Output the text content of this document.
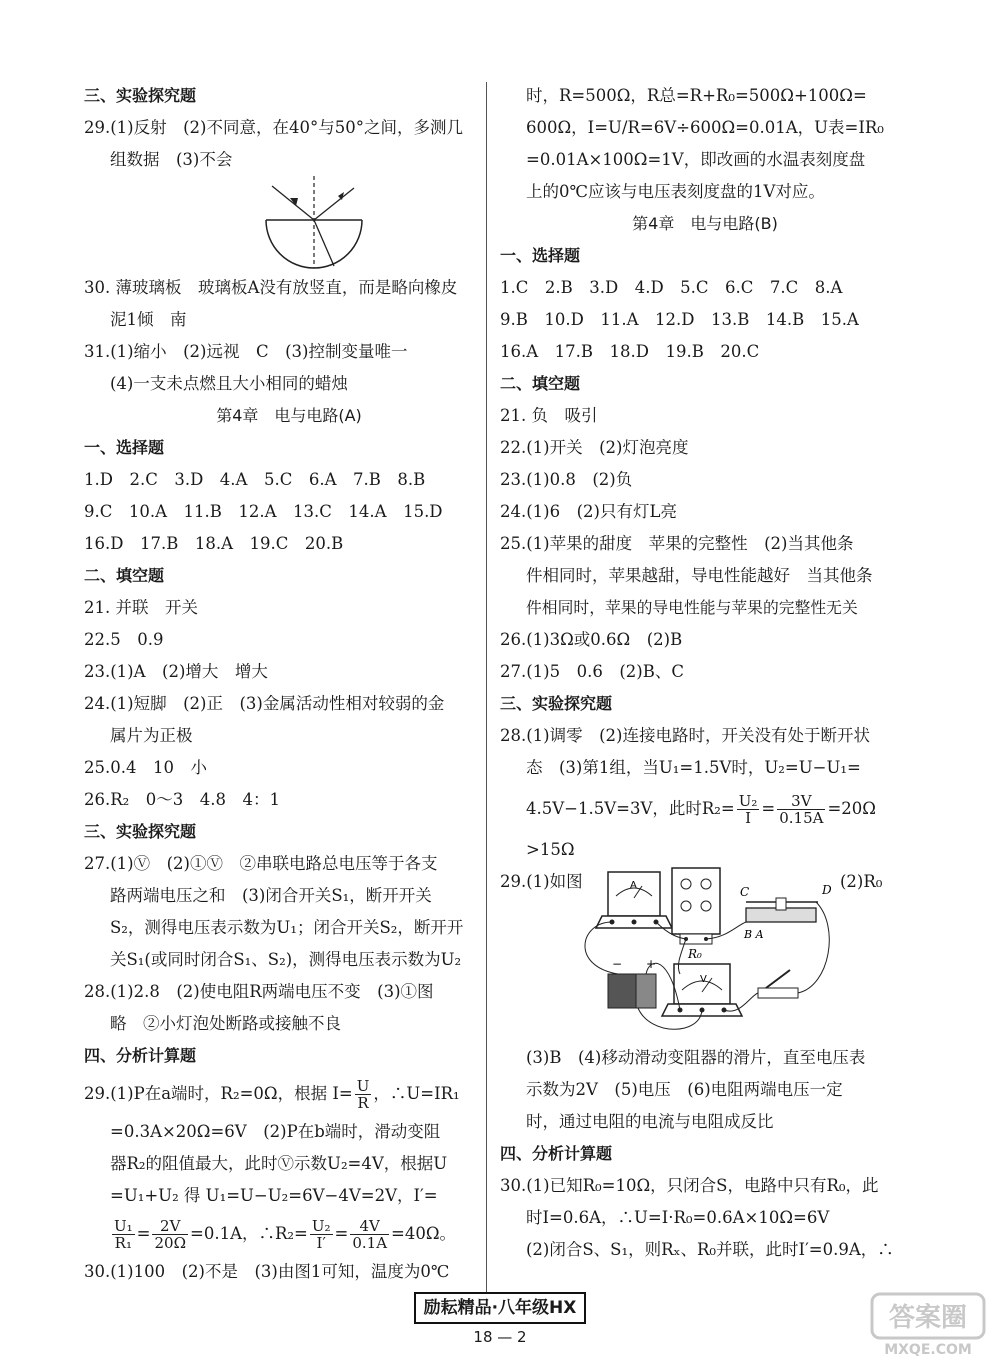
三、实验探究题
29.(1)反射　(2)不同意，在40°与50°之间，多测几
组数据　(3)不会
30. 薄玻璃板　玻璃板A没有放竖直，而是略向橡皮
泥1倾　南
31.(1)缩小　(2)远视　C　(3)控制变量唯一
(4)一支未点燃且大小相同的蜡烛
第4章　电与电路(A)
一、选择题
1.D　2.C　3.D　4.A　5.C　6.A　7.B　8.B
9.C　10.A　11.B　12.A　13.C　14.A　15.D
16.D　17.B　18.A　19.C　20.B
二、填空题
21. 并联　开关
22.5　0.9
23.(1)A　(2)增大　增大
24.(1)短脚　(2)正　(3)金属活动性相对较弱的金
属片为正极
25.0.4　10　小
26.R₂　0～3　4.8　4：1
三、实验探究题
27.(1)Ⓥ　(2)①Ⓥ　②串联电路总电压等于各支
路两端电压之和　(3)闭合开关S₁，断开开关
S₂，测得电压表示数为U₁；闭合开关S₂，断开开
关S₁(或同时闭合S₁、S₂)，测得电压表示数为U₂
28.(1)2.8　(2)使电阻R两端电压不变　(3)①图
略　②小灯泡处断路或接触不良
四、分析计算题
29.(1)P在a端时，R₂=0Ω，根据 $I= \frac{U}{R}$ ，∴U=IR₁
=0.3A×20Ω=6V　(2)P在b端时，滑动变阻
器R₂的阻值最大，此时Ⓥ示数U₂=4V，根据U
=U₁+U₂ 得 U₁=U−U₂=6V−4V=2V，I′=
$\frac{\text{U₁}}{\text{R₁}} = \frac{2V}{20\Omega} =0.1A$，∴R₂= $\frac{\text{U₂}}{I'} = \frac{4V}{0.1A} =40\Omega$。
30.(1)100　(2)不是　(3)由图1可知，温度为0℃
时，R=500Ω，R总=R+R₀=500Ω+100Ω=
600Ω，I=U/R=6V÷600Ω=0.01A，U表=IR₀
=0.01A×100Ω=1V，即改画的水温表刻度盘
上的0℃应该与电压表刻度盘的1V对应。
第4章　电与电路(B)
一、选择题
1.C　2.B　3.D　4.D　5.C　6.C　7.C　8.A
9.B　10.D　11.A　12.D　13.B　14.B　15.A
16.A　17.B　18.D　19.B　20.C
二、填空题
21. 负　吸引
22.(1)开关　(2)灯泡亮度
23.(1)0.8　(2)负
24.(1)6　(2)只有灯L亮
25.(1)苹果的甜度　苹果的完整性　(2)当其他条
件相同时，苹果越甜，导电性能越好　当其他条
件相同时，苹果的导电性能与苹果的完整性无关
26.(1)3Ω或0.6Ω　(2)B
27.(1)5　0.6　(2)B、C
三、实验探究题
28.(1)调零　(2)连接电路时，开关没有处于断开状
态　(3)第1组，当U₁=1.5V时，U₂=U−U₁=
4.5V−1.5V=3V，此时$R_2= \frac{\text{U₂}}{I} = \frac{3V}{0.15A} =20\Omega$
>15Ω
29.(1)如图	(2)R₀
A
R₀
C	D
B A
− +
V
(3)B　(4)移动滑动变阻器的滑片，直至电压表
示数为2V　(5)电压　(6)电阻两端电压一定
时，通过电阻的电流与电阻成反比
四、分析计算题
30.(1)已知R₀=10Ω，只闭合S，电路中只有R₀，此
时I=0.6A，∴U=I·R₀=0.6A×10Ω=6V
(2)闭合S、S₁，则Rₓ、R₀并联，此时I′=0.9A，∴
励耘精品·八年级HX
18 — 2
答案圈
MXQE.COM
